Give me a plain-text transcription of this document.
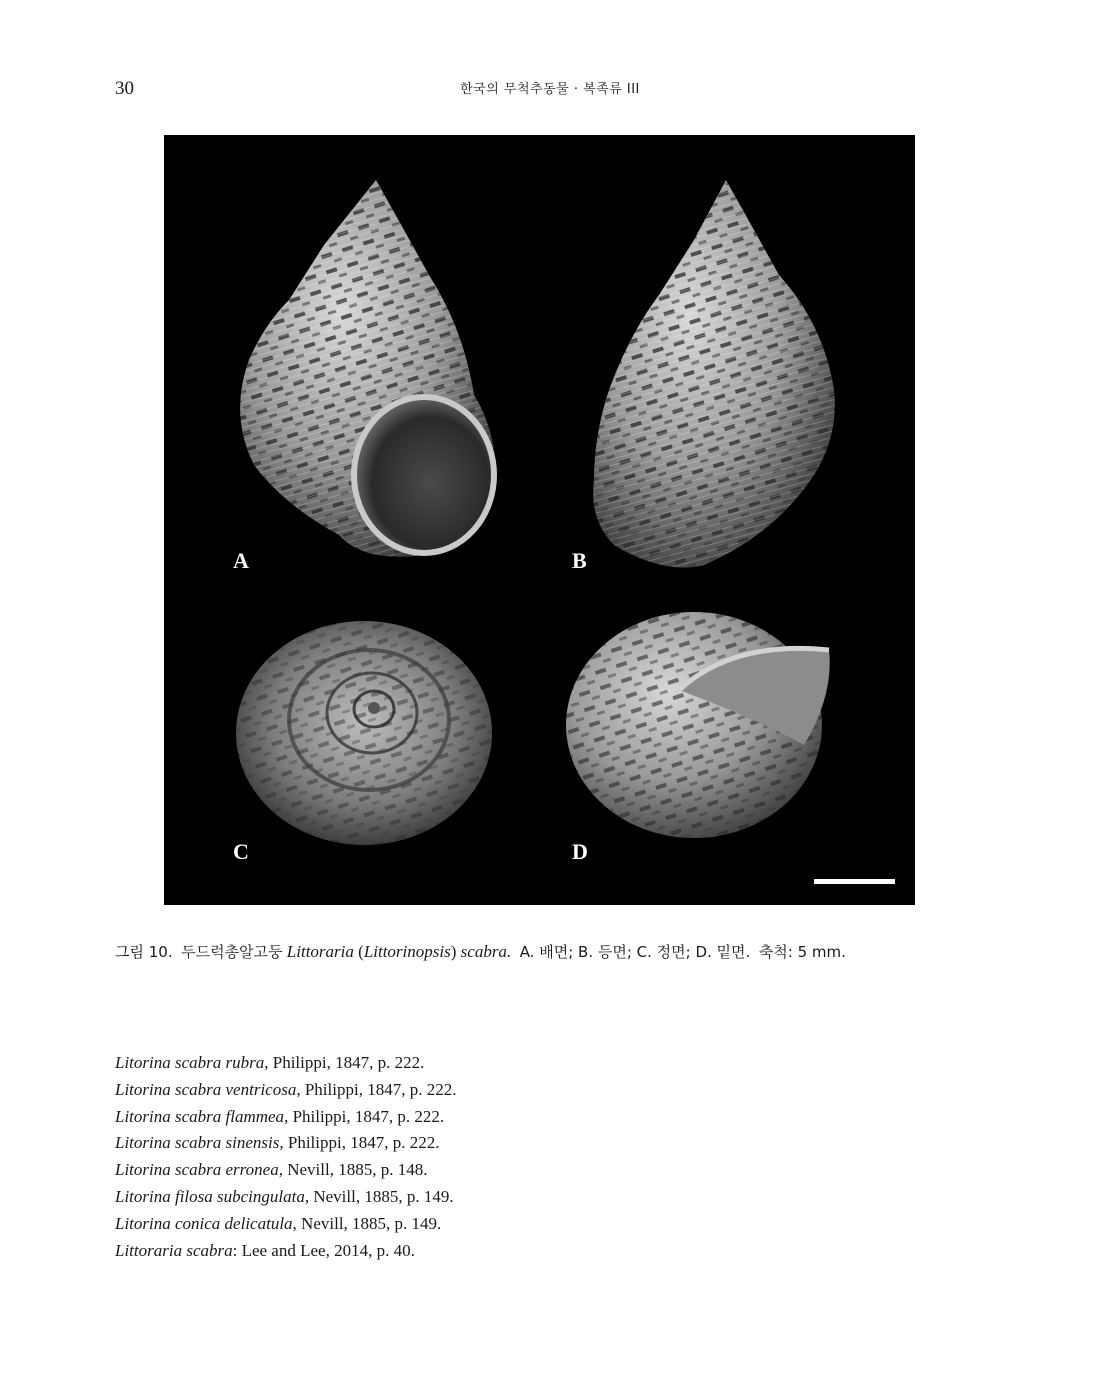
30	한국의 무척추동물 · 복족류 III
A	B
C	D
그림 10. 두드럭총알고둥 Littoraria (Littorinopsis) scabra. A. 배면; B. 등면; C. 정면; D. 밑면. 축척: 5 mm.
Litorina scabra rubra, Philippi, 1847, p. 222.
Litorina scabra ventricosa, Philippi, 1847, p. 222.
Litorina scabra flammea, Philippi, 1847, p. 222.
Litorina scabra sinensis, Philippi, 1847, p. 222.
Litorina scabra erronea, Nevill, 1885, p. 148.
Litorina filosa subcingulata, Nevill, 1885, p. 149.
Litorina conica delicatula, Nevill, 1885, p. 149.
Littoraria scabra: Lee and Lee, 2014, p. 40.
